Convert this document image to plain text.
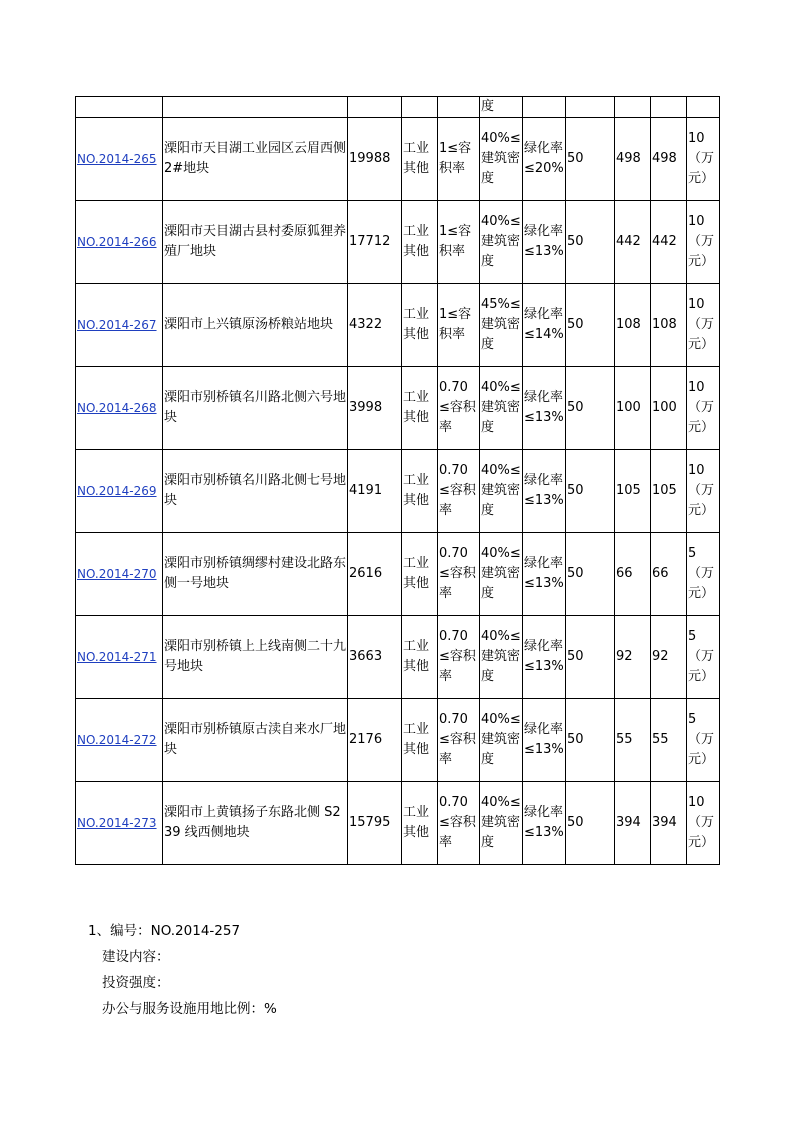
					度					
NO.2014-265	溧阳市天目湖工业园区云眉西侧 2#地块	19988	工业其他	1≤容积率	40%≤建筑密度	绿化率≤20%	50	498	498	10（万元）
NO.2014-266	溧阳市天目湖古县村委原狐狸养殖厂地块	17712	工业其他	1≤容积率	40%≤建筑密度	绿化率≤13%	50	442	442	10（万元）
NO.2014-267	溧阳市上兴镇原汤桥粮站地块	4322	工业其他	1≤容积率	45%≤建筑密度	绿化率≤14%	50	108	108	10（万元）
NO.2014-268	溧阳市别桥镇名川路北侧六号地块	3998	工业其他	0.70≤容积率	40%≤建筑密度	绿化率≤13%	50	100	100	10（万元）
NO.2014-269	溧阳市别桥镇名川路北侧七号地块	4191	工业其他	0.70≤容积率	40%≤建筑密度	绿化率≤13%	50	105	105	10（万元）
NO.2014-270	溧阳市别桥镇绸缪村建设北路东侧一号地块	2616	工业其他	0.70≤容积率	40%≤建筑密度	绿化率≤13%	50	66	66	5（万元）
NO.2014-271	溧阳市别桥镇上上线南侧二十九号地块	3663	工业其他	0.70≤容积率	40%≤建筑密度	绿化率≤13%	50	92	92	5（万元）
NO.2014-272	溧阳市别桥镇原古渎自来水厂地块	2176	工业其他	0.70≤容积率	40%≤建筑密度	绿化率≤13%	50	55	55	5（万元）
NO.2014-273	溧阳市上黄镇扬子东路北侧 S239 线西侧地块	15795	工业其他	0.70≤容积率	40%≤建筑密度	绿化率≤13%	50	394	394	10（万元）
1、编号：NO.2014-257
建设内容：
投资强度：
办公与服务设施用地比例：%
